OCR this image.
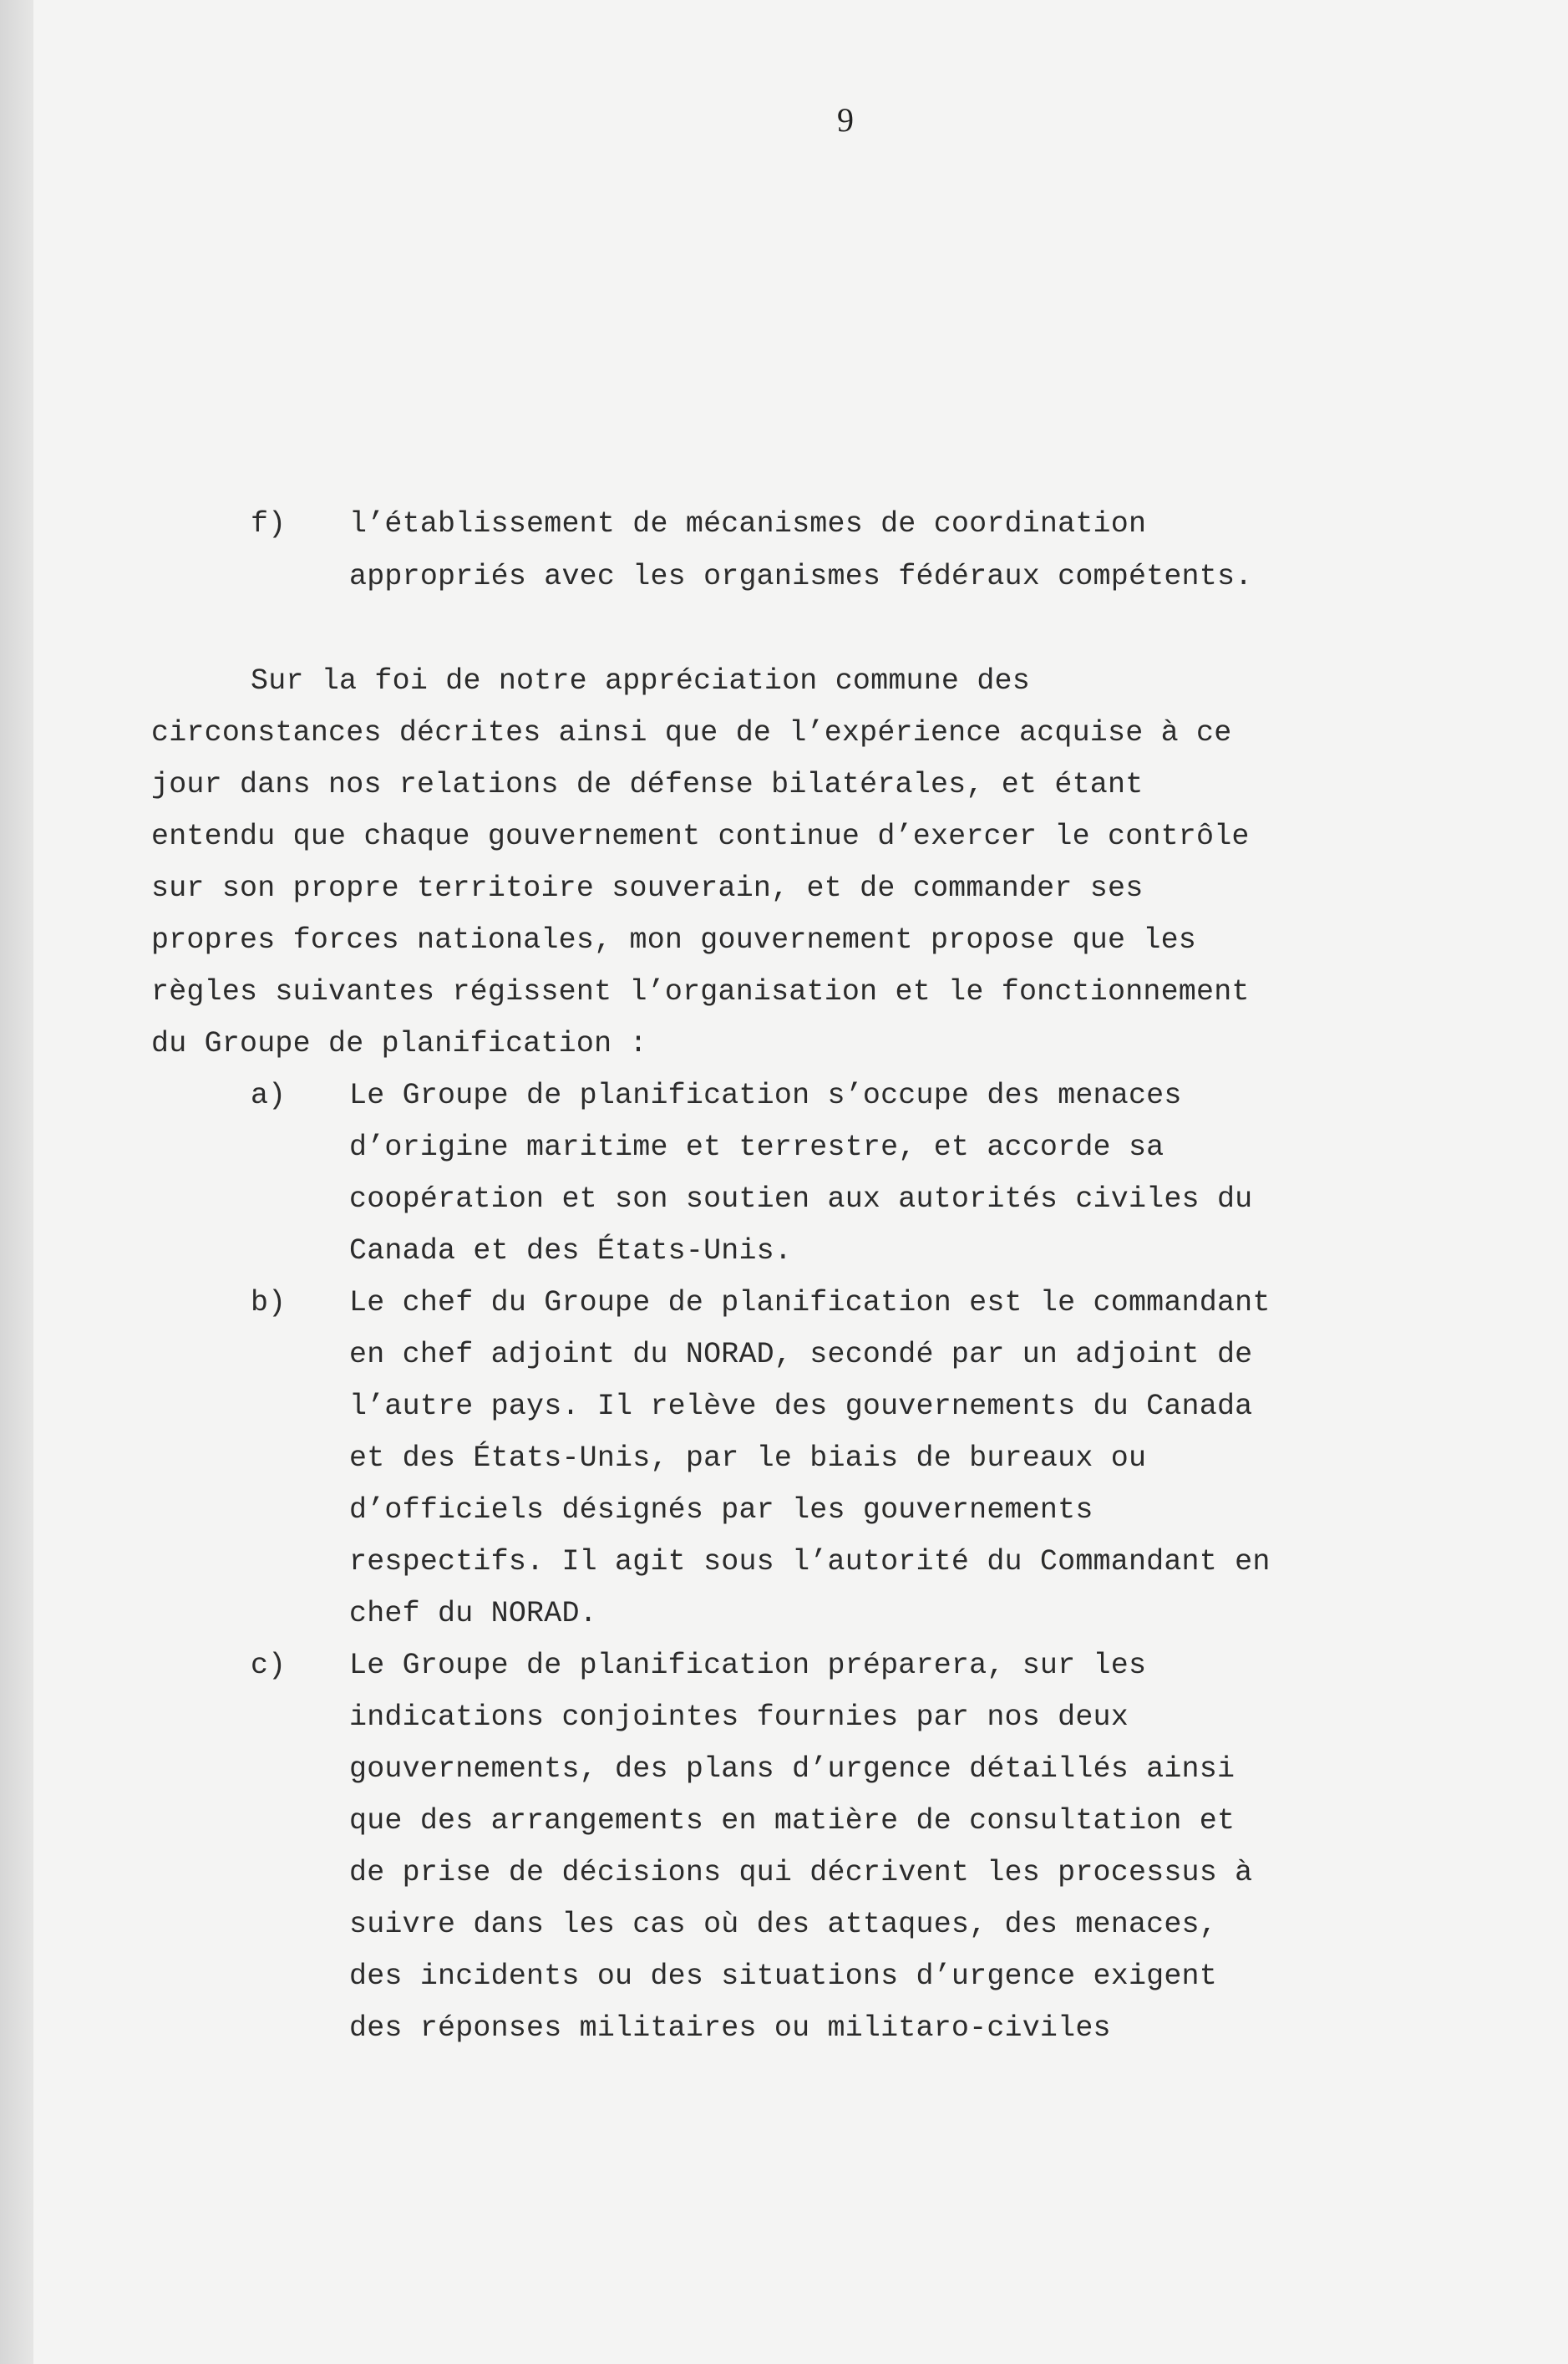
9
f) l’établissement de mécanismes de coordination
appropriés avec les organismes fédéraux compétents.
Sur la foi de notre appréciation commune des
circonstances décrites ainsi que de l’expérience acquise à ce
jour dans nos relations de défense bilatérales, et étant
entendu que chaque gouvernement continue d’exercer le contrôle
sur son propre territoire souverain, et de commander ses
propres forces nationales, mon gouvernement propose que les
règles suivantes régissent l’organisation et le fonctionnement
du Groupe de planification :
a) Le Groupe de planification s’occupe des menaces
d’origine maritime et terrestre, et accorde sa
coopération et son soutien aux autorités civiles du
Canada et des États-Unis.
b) Le chef du Groupe de planification est le commandant
en chef adjoint du NORAD, secondé par un adjoint de
l’autre pays. Il relève des gouvernements du Canada
et des États-Unis, par le biais de bureaux ou
d’officiels désignés par les gouvernements
respectifs. Il agit sous l’autorité du Commandant en
chef du NORAD.
c) Le Groupe de planification préparera, sur les
indications conjointes fournies par nos deux
gouvernements, des plans d’urgence détaillés ainsi
que des arrangements en matière de consultation et
de prise de décisions qui décrivent les processus à
suivre dans les cas où des attaques, des menaces,
des incidents ou des situations d’urgence exigent
des réponses militaires ou militaro-civiles
